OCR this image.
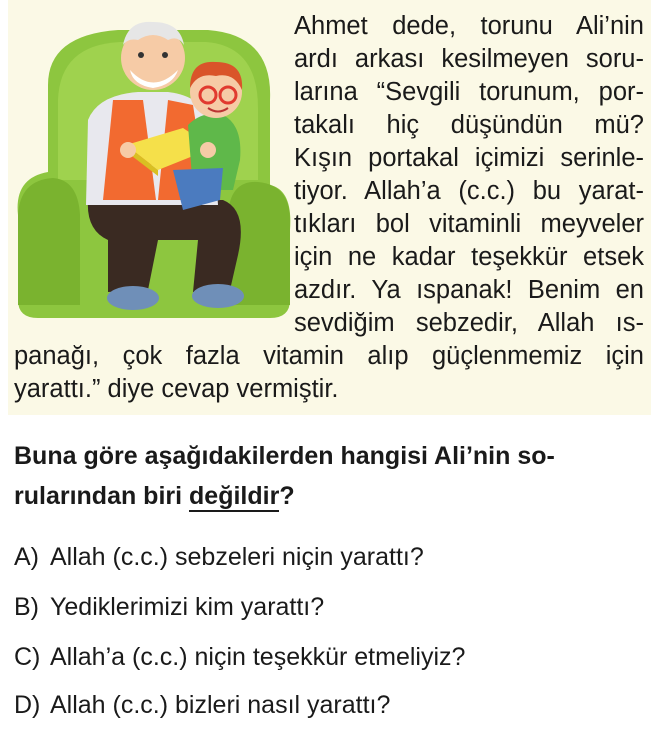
Ahmet dede, torunu Ali’nin
ardı arkası kesilmeyen soru-
larına “Sevgili torunum, por-
takalı hiç düşündün mü?
Kışın portakal içimizi serinle-
tiyor. Allah’a (c.c.) bu yarat-
tıkları bol vitaminli meyveler
için ne kadar teşekkür etsek
azdır. Ya ıspanak! Benim en
sevdiğim sebzedir, Allah ıs-
panağı, çok fazla vitamin alıp güçlenmemiz için
yarattı.” diye cevap vermiştir.
Buna göre aşağıdakilerden hangisi Ali’nin so-
rularından biri değildir?
A) Allah (c.c.) sebzeleri niçin yarattı?
B) Yediklerimizi kim yarattı?
C) Allah’a (c.c.) niçin teşekkür etmeliyiz?
D) Allah (c.c.) bizleri nasıl yarattı?
